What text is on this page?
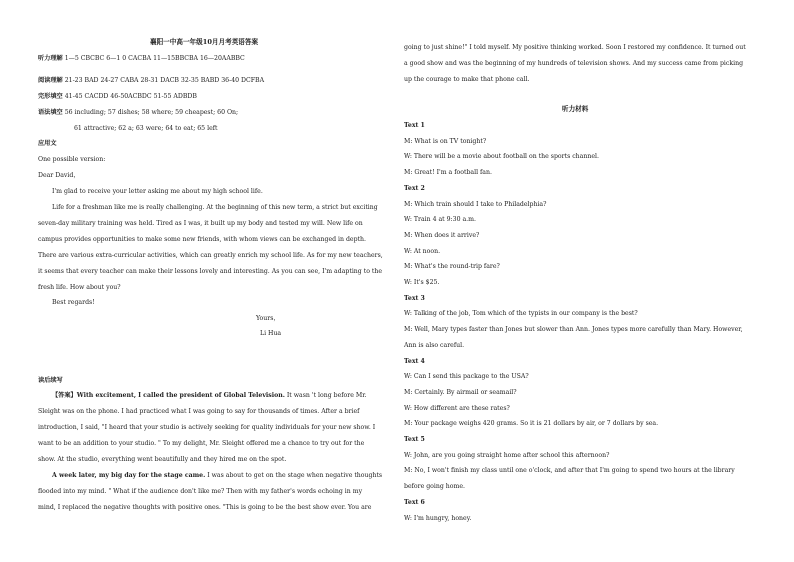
襄阳一中高一年级10月月考英语答案
听力理解 1—5 CBCBC 6—1 0 CACBA 11—15BBCBA 16—20AABBC
阅读理解 21-23 BAD 24-27 CABA 28-31 DACB 32-35 BABD 36-40 DCFBA
完形填空 41-45 CACDD 46-50ACBDC 51-55 ADBDB
语法填空 56 including; 57 dishes; 58 where; 59 cheapest; 60 On;
61 attractive; 62 a; 63 were; 64 to eat; 65 left
应用文
One possible version:
Dear David，
I'm glad to receive your letter asking me about my high school life.
Life for a freshman like me is really challenging. At the beginning of this new term, a strict but exciting
seven-day military training was held. Tired as I was, it built up my body and tested my will. New life on
campus provides opportunities to make some new friends, with whom views can be exchanged in depth.
There are various extra-curricular activities, which can greatly enrich my school life. As for my new teachers,
it seems that every teacher can make their lessons lovely and interesting. As you can see, I'm adapting to the
fresh life. How about you?
Best regards!
Yours，
Li Hua
读后续写
【答案】With excitement, I called the president of Global Television. It wasn 't long before Mr.
Sleight was on the phone. I had practiced what I was going to say for thousands of times. After a brief
introduction, I said, "I heard that your studio is actively seeking for quality individuals for your new show. I
want to be an addition to your studio. " To my delight, Mr. Sleight offered me a chance to try out for the
show. At the studio, everything went beautifully and they hired me on the spot.
A week later, my big day for the stage came. I was about to get on the stage when negative thoughts
flooded into my mind. " What if the audience don't like me? Then with my father's words echoing in my
mind, I replaced the negative thoughts with positive ones. "This is going to be the best show ever. You are
going to just shine!" I told myself. My positive thinking worked. Soon I restored my confidence. It turned out
a good show and was the beginning of my hundreds of television shows. And my success came from picking
up the courage to make that phone call.
听力材料
Text 1
M: What is on TV tonight?
W: There will be a movie about football on the sports channel.
M: Great! I'm a football fan.
Text 2
M: Which train should I take to Philadelphia?
W: Train 4 at 9:30 a.m.
M: When does it arrive?
W: At noon.
M: What's the round-trip fare?
W: It's $25.
Text 3
W: Talking of the job, Tom which of the typists in our company is the best?
M: Well, Mary types faster than Jones but slower than Ann. Jones types more carefully than Mary. However,
Ann is also careful.
Text 4
W: Can I send this package to the USA?
M: Certainly. By airmail or seamail?
W: How different are these rates?
M: Your package weighs 420 grams. So it is 21 dollars by air, or 7 dollars by sea.
Text 5
W: John, are you going straight home after school this afternoon?
M: No, I won't finish my class until one o'clock, and after that I'm going to spend two hours at the library
before going home.
Text 6
W: I'm hungry, honey.
